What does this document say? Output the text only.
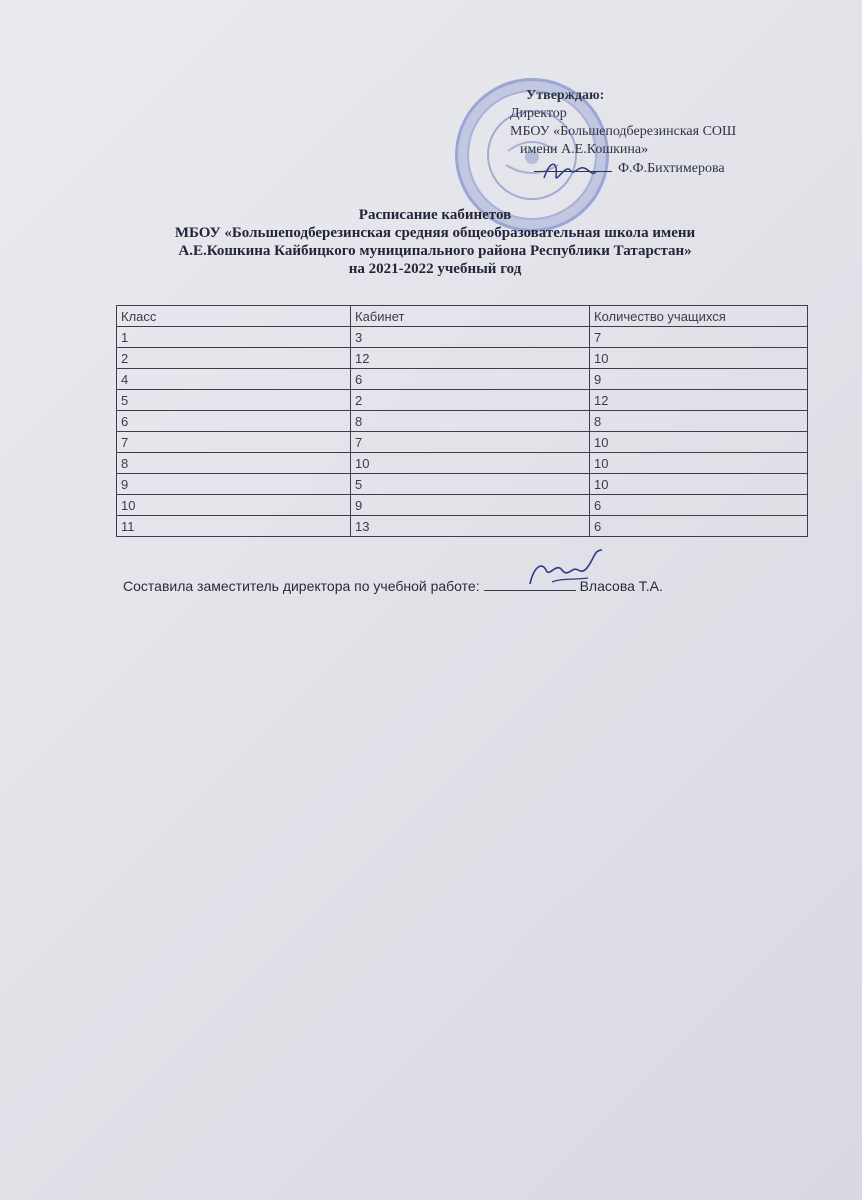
Утверждаю:
Директор
МБОУ «Большеподберезинская СОШ
имени А.Е.Кошкина»
Ф.Ф.Бихтимерова
Расписание кабинетов
МБОУ «Большеподберезинская средняя общеобразовательная школа имени
А.Е.Кошкина Кайбицкого муниципального района Республики Татарстан»
на 2021-2022 учебный год
Класс	Кабинет	Количество учащихся
1	3	7
2	12	10
4	6	9
5	2	12
6	8	8
7	7	10
8	10	10
9	5	10
10	9	6
11	13	6
Составила заместитель директора по учебной работе:	Власова Т.А.
